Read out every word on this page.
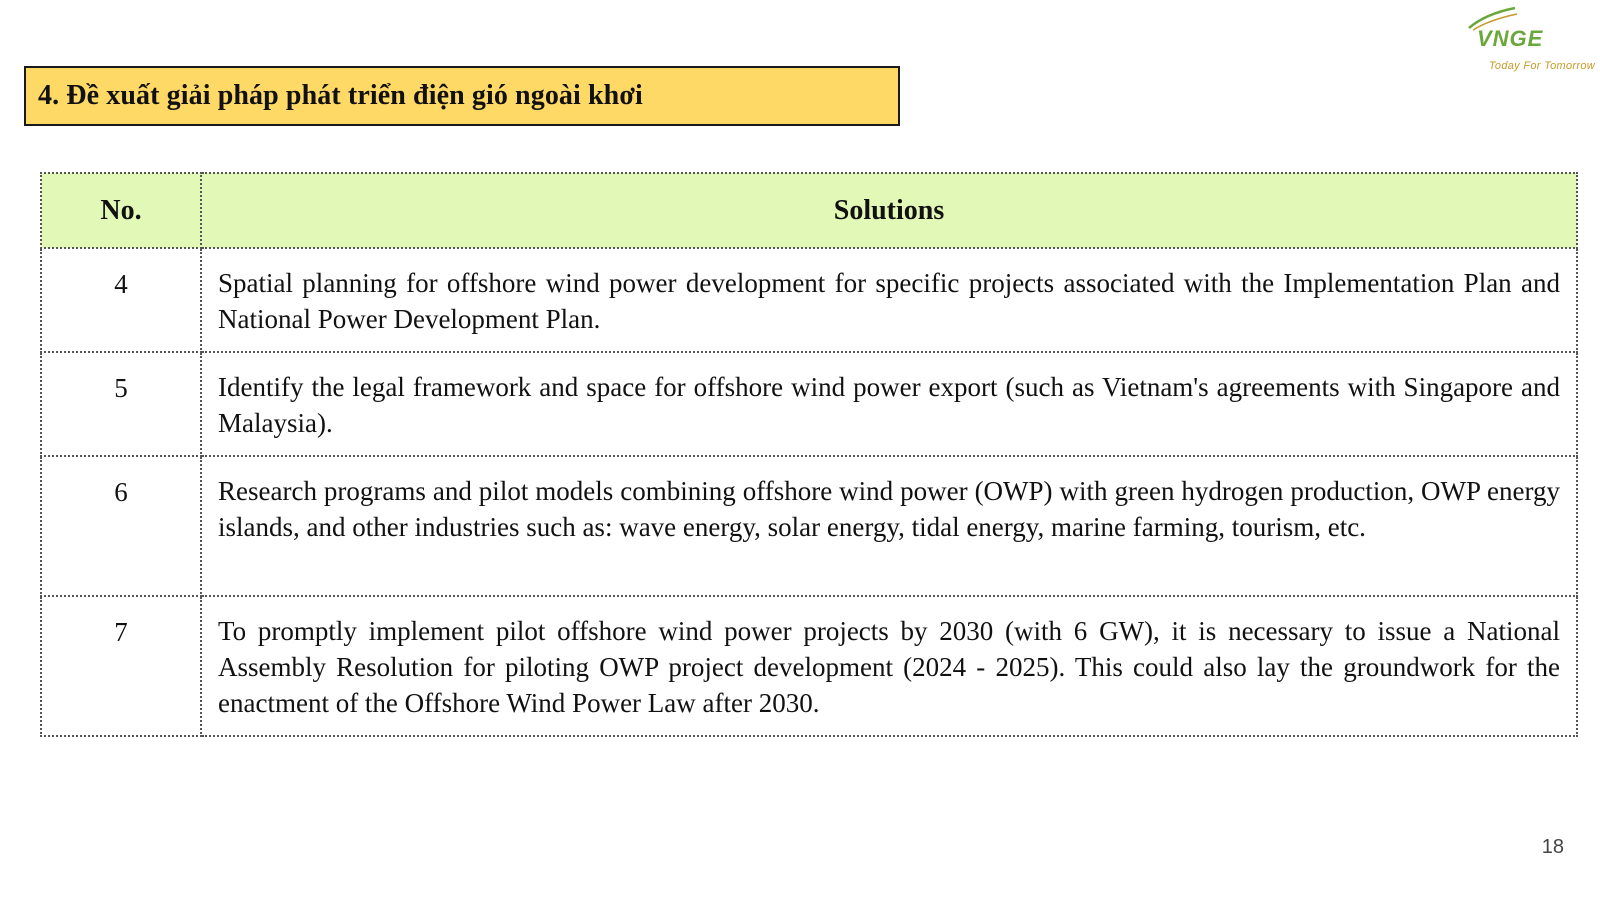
4. Đề xuất giải pháp phát triển điện gió ngoài khơi
VNGE
Today For Tomorrow
No.	Solutions
4	Spatial planning for offshore wind power development for specific projects associated with the Implementation Plan and National Power Development Plan.
5	Identify the legal framework and space for offshore wind power export (such as Vietnam's agreements with Singapore and Malaysia).
6	Research programs and pilot models combining offshore wind power (OWP) with green hydrogen production, OWP energy islands, and other industries such as: wave energy, solar energy, tidal energy, marine farming, tourism, etc.
7	To promptly implement pilot offshore wind power projects by 2030 (with 6 GW), it is necessary to issue a National Assembly Resolution for piloting OWP project development (2024 - 2025). This could also lay the groundwork for the enactment of the Offshore Wind Power Law after 2030.
18
